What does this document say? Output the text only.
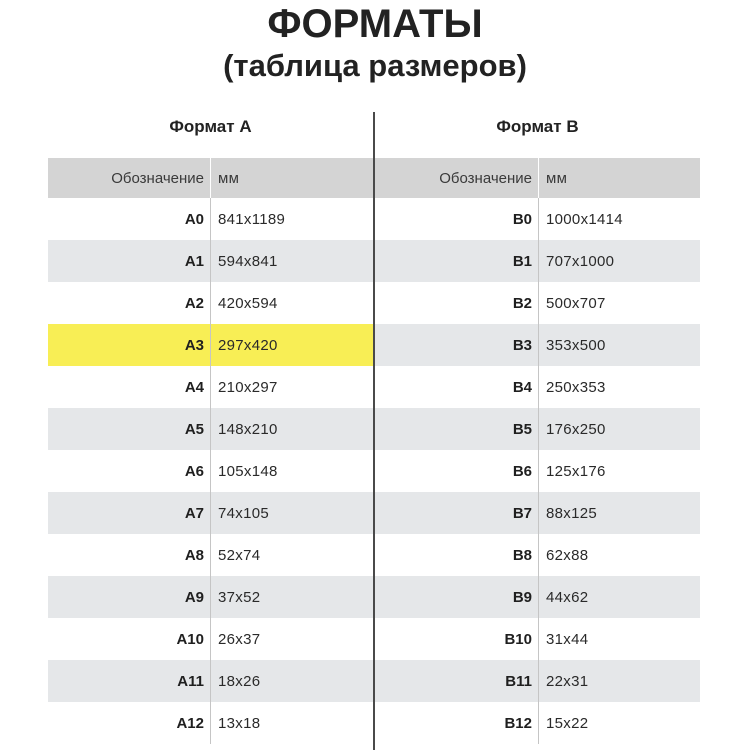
ФОРМАТЫ
(таблица размеров)
Формат А	Формат В
Обозначение мм
A0 841x1189
A1 594x841
A2 420x594
A3 297x420
A4 210x297
A5 148x210
A6 105x148
A7 74x105
A8 52x74
A9 37x52
A10 26x37
A11 18x26
A12 13x18
Обозначение мм
B0 1000x1414
B1 707x1000
B2 500x707
B3 353x500
B4 250x353
B5 176x250
B6 125x176
B7 88x125
B8 62x88
B9 44x62
B10 31x44
B11 22x31
B12 15x22
